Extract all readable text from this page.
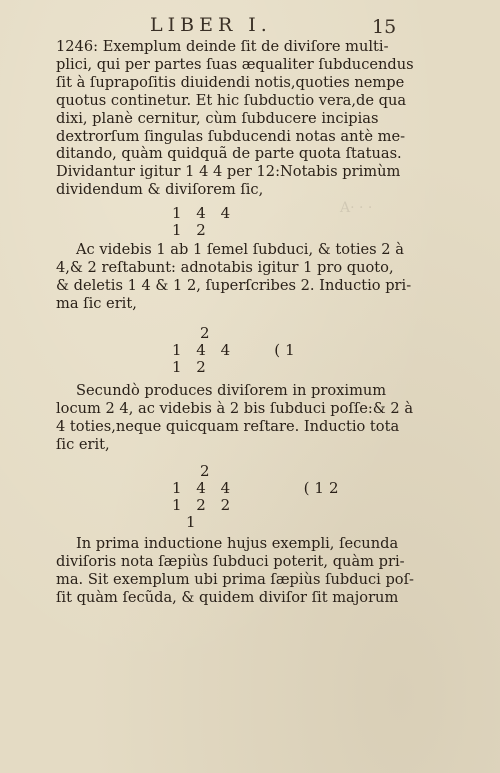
LIBER I.	15
A· · ·

1246: Exemplum deinde ſit de diviſore multi-
plici, qui per partes ſuas æqualiter ſubducendus
ſit à ſuprapoſitis diuidendi notis,quoties nempe
quotus continetur. Et hic ſubductio vera,de qua
dixi, planè cernitur, cùm ſubducere incipias
dextrorſum ſingulas ſubducendi notas antè me-
ditando, quàm quidquã de parte quota ſtatuas.
Dividantur igitur 1 4 4 per 12:Notabis primùm
dividendum & diviſorem ſic,

1 4 4
1 2

Ac videbis 1 ab 1 ſemel ſubduci, & toties 2 à
4,& 2 reſtabunt: adnotabis igitur 1 pro quoto,
& deletis 1 4 & 1 2, ſuperſcribes 2. Inductio pri-
ma ſic erit,

2
1 4 4	(1
1 2

Secundò produces diviſorem in proximum
locum 2 4, ac videbis à 2 bis ſubduci poſſe:& 2 à
4 toties,neque quicquam reſtare. Inductio tota
ſic erit,

2
1 4 4	(12
1 2 2
1

In prima inductione hujus exempli, ſecunda
diviſoris nota ſæpiùs ſubduci poterit, quàm pri-
ma. Sit exemplum ubi prima ſæpiùs ſubduci poſ-
ſit quàm ſecũda, & quidem diviſor ſit majorum
